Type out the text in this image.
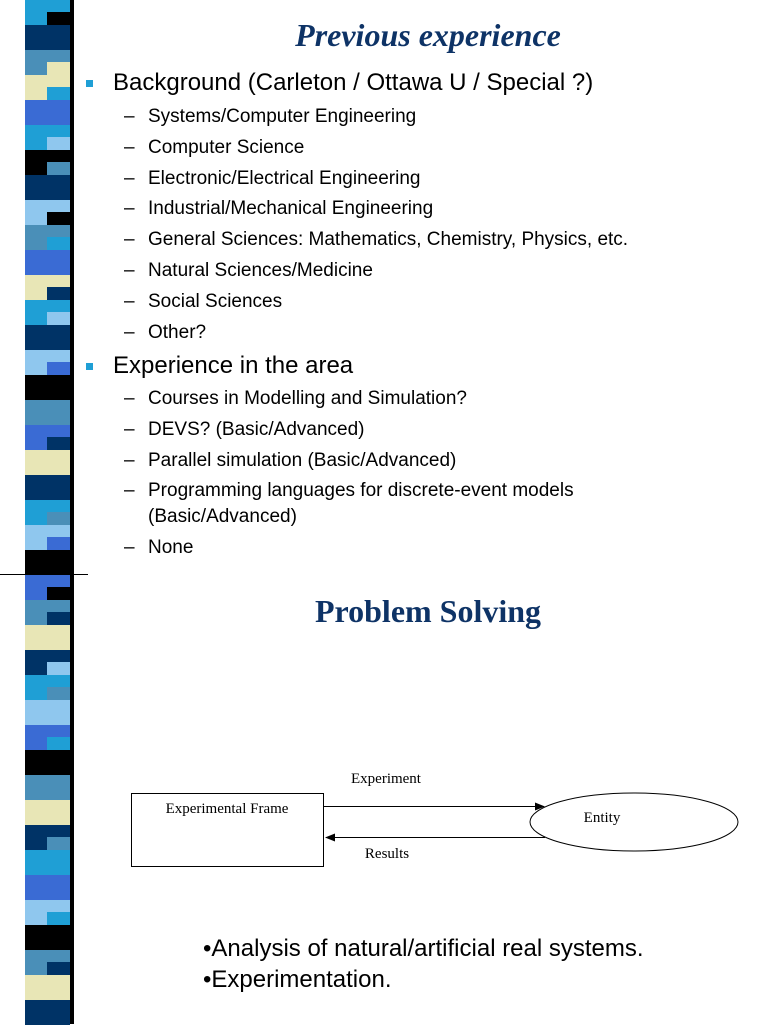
Previous experience
Background (Carleton / Ottawa U / Special ?)
– Systems/Computer Engineering
– Computer Science
– Electronic/Electrical Engineering
– Industrial/Mechanical Engineering
– General Sciences: Mathematics, Chemistry, Physics, etc.
– Natural Sciences/Medicine
– Social Sciences
– Other?
Experience in the area
– Courses in Modelling and Simulation?
– DEVS? (Basic/Advanced)
– Parallel simulation (Basic/Advanced)
– Programming languages for discrete-event models (Basic/Advanced)
– None
Problem Solving
Experimental Frame
Entity
Experiment
Results
•Analysis of natural/artificial real systems.
•Experimentation.
